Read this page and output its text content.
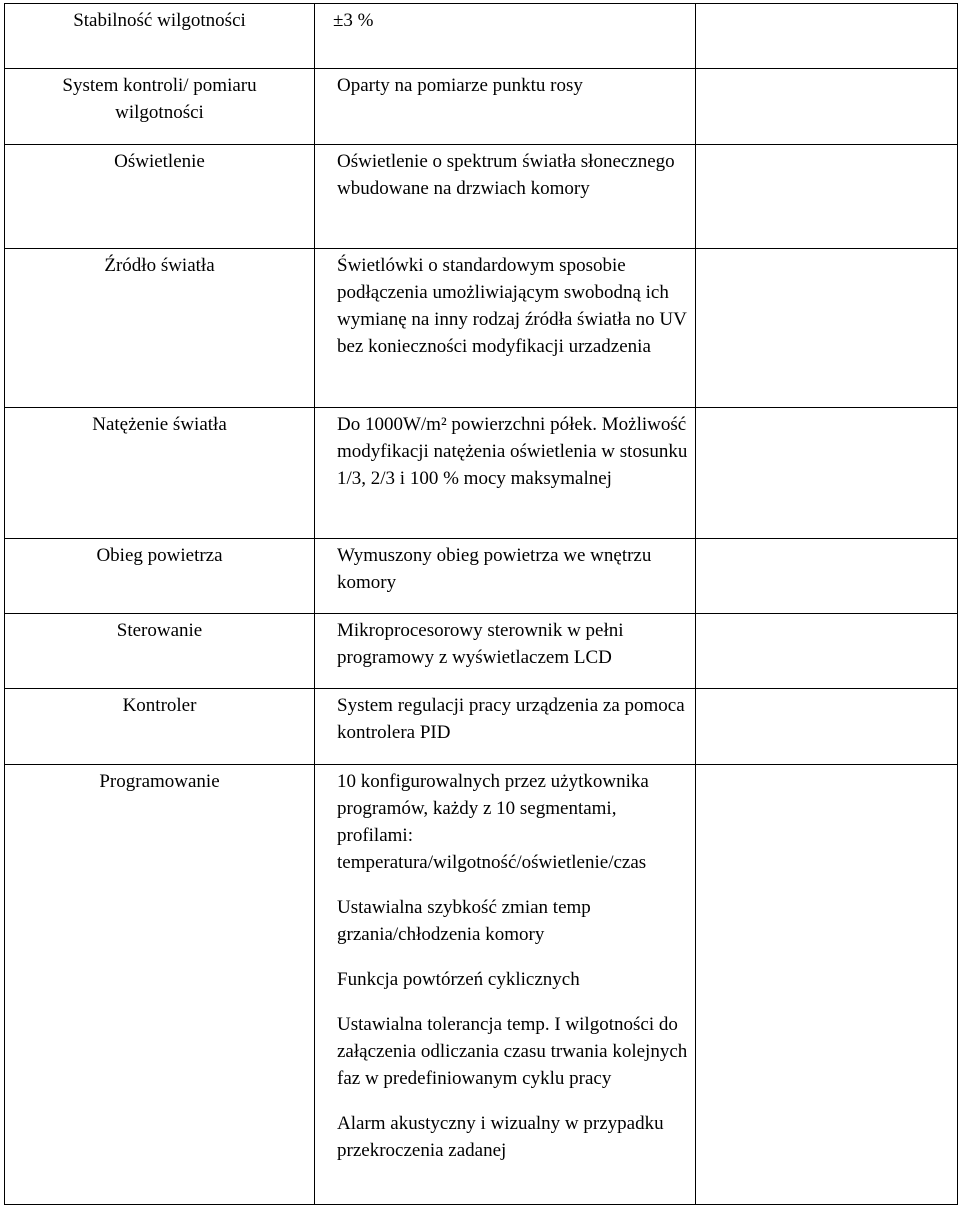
Stabilność wilgotności	±3 %	

System kontroli/ pomiaru wilgotności	Oparty na pomiarze punktu rosy	

Oświetlenie	Oświetlenie o spektrum światła słonecznego wbudowane na drzwiach komory	

Źródło światła	Świetlówki o standardowym sposobie podłączenia umożliwiającym swobodną ich wymianę na inny rodzaj źródła światła no UV bez konieczności modyfikacji urzadzenia	

Natężenie światła	Do 1000W/m² powierzchni półek. Możliwość modyfikacji natężenia oświetlenia w stosunku 1/3, 2/3 i 100 % mocy maksymalnej	

Obieg powietrza	Wymuszony obieg powietrza we wnętrzu komory	

Sterowanie	Mikroprocesorowy sterownik w pełni programowy z wyświetlaczem LCD	

Kontroler	System regulacji pracy urządzenia za pomoca kontrolera PID	

Programowanie	10 konfigurowalnych przez użytkownika programów, każdy z 10 segmentami, profilami: temperatura/wilgotność/oświetlenie/czas
Ustawialna szybkość zmian temp grzania/chłodzenia komory
Funkcja powtórzeń cyklicznych
Ustawialna tolerancja temp. I wilgotności do załączenia odliczania czasu trwania kolejnych faz w predefiniowanym cyklu pracy
Alarm akustyczny i wizualny w przypadku przekroczenia zadanej	
